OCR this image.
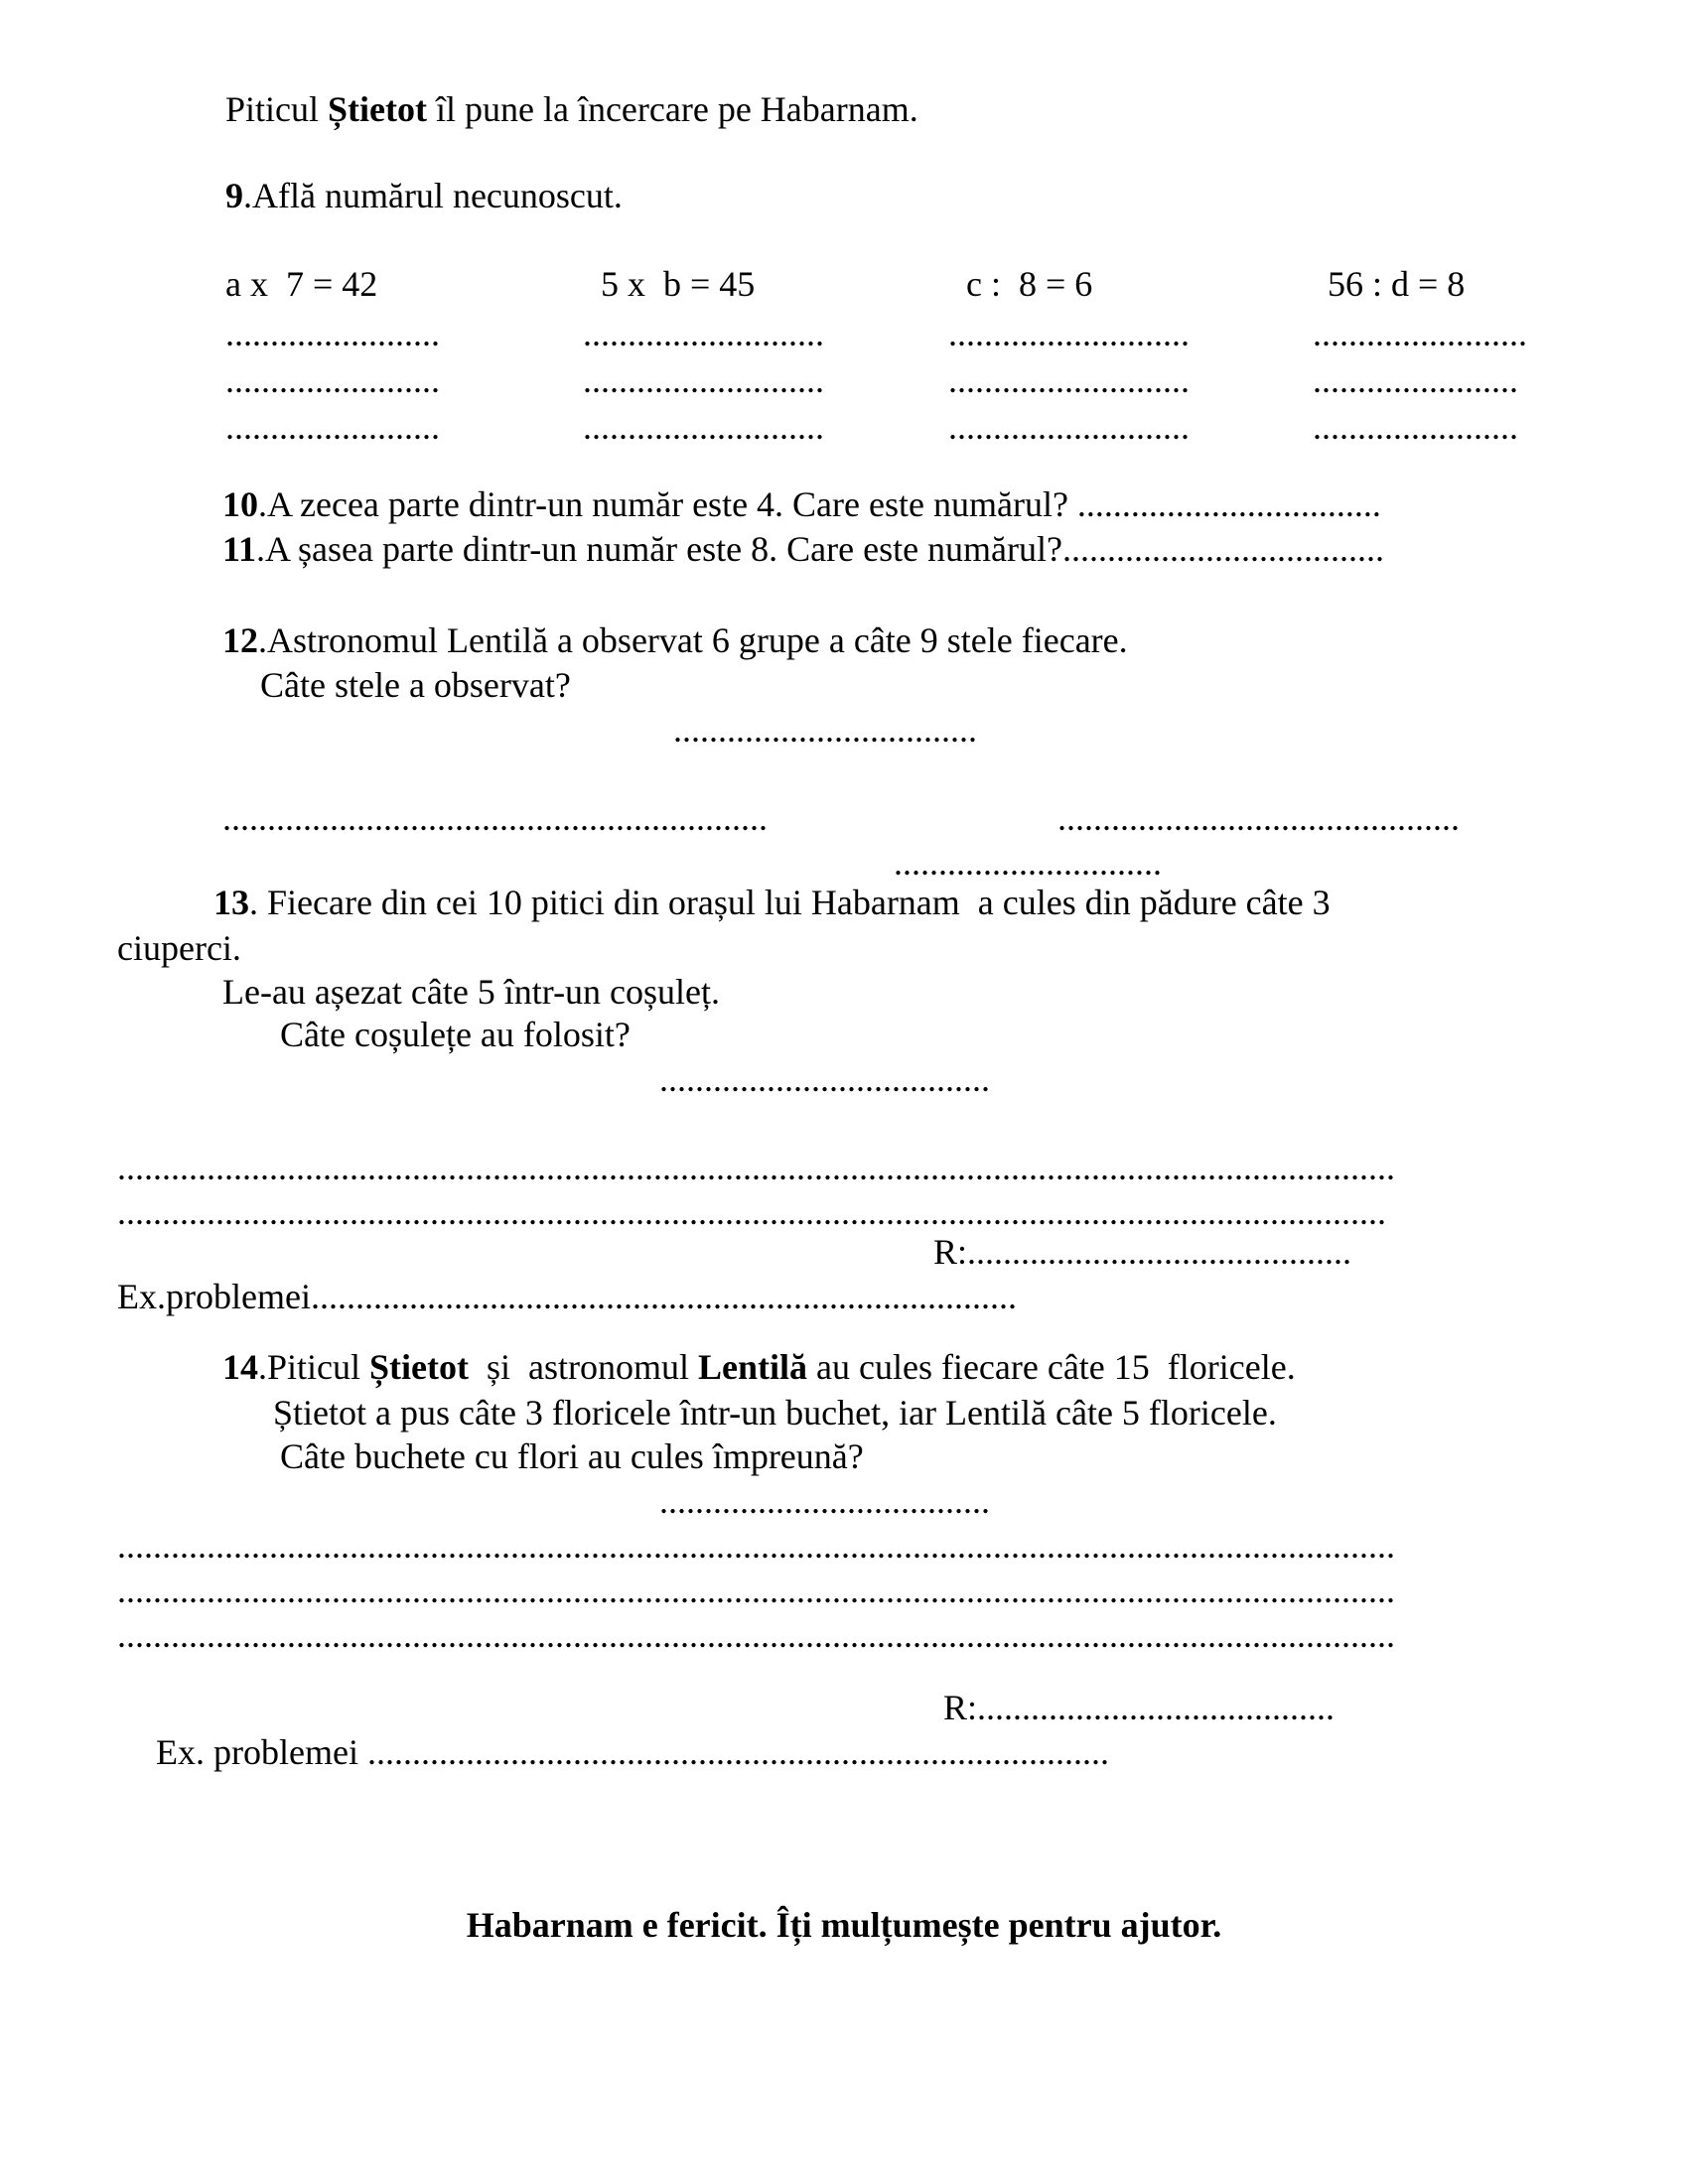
Piticul Știetot îl pune la încercare pe Habarnam.
9.Află numărul necunoscut.
a x  7 = 42	5 x  b = 45	c :  8 = 6	56 : d = 8
........................	...........................	...........................	........................
........................	...........................	...........................	.......................
........................	...........................	...........................	.......................
10.A zecea parte dintr-un număr este 4. Care este numărul? ..................................
11.A șasea parte dintr-un număr este 8. Care este numărul?....................................
12.Astronomul Lentilă a observat 6 grupe a câte 9 stele fiecare.
Câte stele a observat?
..................................
.............................................................	.............................................
..............................
13. Fiecare din cei 10 pitici din orașul lui Habarnam  a cules din pădure câte 3
ciuperci.
Le-au așezat câte 5 într-un coșuleț.
Câte coșulețe au folosit?
.....................................
...............................................................................................................................................
..............................................................................................................................................
R:...........................................
Ex.problemei...............................................................................
14.Piticul Știetot  și  astronomul Lentilă au cules fiecare câte 15  floricele.
Știetot a pus câte 3 floricele într-un buchet, iar Lentilă câte 5 floricele.
Câte buchete cu flori au cules împreună?
.....................................
...............................................................................................................................................
...............................................................................................................................................
...............................................................................................................................................
R:........................................
Ex. problemei ...................................................................................
Habarnam e fericit. Îți mulțumește pentru ajutor.
